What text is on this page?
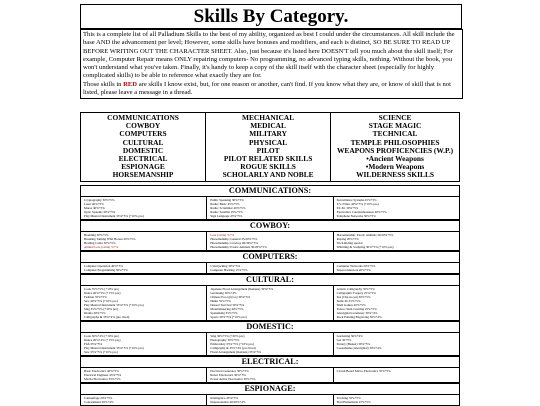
Skills By Category.

This is a complete list of all Palladium Skills to the best of my ability, organized as best I could under the circumstances. All skill include the base AND the advancement per level; However, some skills have bonuses and modifiers, and each is distinct, SO BE SURE TO READ UP BEFORE WRITING OUT THE CHARACTER SHEET. Also, just because it's listed here DOESN'T tell you much about the skill itself; For example, Computer Repair means ONLY repairing computers- No programming, no advanced typing skills, nothing. Without the book, you won't understand what you've taken. Finally, it's handy to keep a copy of the skill itself with the character sheet (especially for highly complicated skills) to be able to reference what exactly they are for.

Those skills in RED are skills I know exist, but, for one reason or another, can't find. If you know what they are, or know of skill that is not listed, please leave a message in a thread.

COMMUNICATIONS
COWBOY
COMPUTERS
CULTURAL
DOMESTIC
ELECTRICAL
ESPIONAGE
HORSEMANSHIP

MECHANICAL
MEDICAL
MILITARY
PHYSICAL
PILOT
PILOT RELATED SKILLS
ROGUE SKILLS
SCHOLARLY AND NOBLE

SCIENCE
STAGE MAGIC
TECHNICAL
TEMPLE PHILOSOPHIES
WEAPONS PROFICENCIES (W.P.)
• Ancient Weapons
• Modern Weapons
WILDERNESS SKILLS
COMMUNICATIONS:
Cryptography 30%+5%
Laser 40%+5%
Morse 30%+5%
Optic Systems 30%+5%
Play Musical Instrument 35%+5% (+10% pro)
Public Speaking 30%+5%
Radio: Basic 45%+5%
Radio: Scrambler 40%+5%
Radio: Satellite 25%+5%
Sign Language 25%+5%
Surveillance Systems 45%+5%
T.V./Video 40%+5% (+10% pro)
P.C.M. 30%+5%
Electronics Countermeasures 40%+5%
Telephone Networks 30%+5%
COWBOY:
Branding 30%+5%
Breaking Taming Wild Horses 20%+5%
Herding Cattle 30%+5%
Animal Lore (cattle) %+%
Lore (cattle) %+%
Horsemanship: General 35/20%+5%
Horsemanship: Cowboy 66/30%+5%
Horsemanship: Exotic Animals 30/20%+5%
Horsemanship: Exotic Animals 30/20%+5%
Roping 20%+5%
Trick Riding special
Whittling & Sculpting 30%+5% (+10% pro)
COMPUTERS:
Computer Operation 40%+5%
Computer Programming 30%+5%
Cyberjacking 30%+5%
Computer Hacking 15%+5%
Computer Networks 20%+5%
Superconductors 20%+5%
CULTURAL:
Cook 35%+5% (+10% pro)
Dance 40%+5% (+15% pro)
Fashion 35%+5%
Sew 40%+5% (+10% pro)
Play Musical Instrument 35%+5% (+10% pro)
Sing 35%+5% (+10% pro)
Drama 30%+5%
Calligraphy & 35%+4% (pro lived)
Japanese Flood Arrangement (Ikebana) 30%+5%
Gardening 36%+4%
Chinese Poo-Qi (Go) 30%+5%
Haiku 35%+5%
Dessert Survival 30%+5%
Mountaineering 40%+5%
Spelunking 35%+5%
Sports 30%+5% (+10% pro)
Artistic Calligraphy 35%+5%
Calligraphic Forgery 25%+5%
Tea (Cha-no-yu) 30%+5%
Sumi-Ye 25%+5%
Shell Games 20%+5%
Tattoo/ Skin Creating 25%+5%
Aboriginal Ceremony 30%+4%
Rock Painting/Engraving 30%+4%
DOMESTIC:
Cook 30%+4% (+10% pro)
Dance 40%+4% (+15% pro)
Fish 35%+5%
Play Musical Instrument 35%+5% (+10% pro)
Sew 35%+5% (+10% pro)
Sing 30%+5% (+20% pro)
Photography 30%+5%
Embroidery 35%+5% (+10% pro)
Calligraphy & 35%+4% (pro lived)
Floral Arrangement (Ikebana) 35%+5%
Gardening 36%+4%
Get 30+5%
Pottery (Basket) 30%+5%
Cookahama (Aboriginal) 30%+4%
ELECTRICAL:
Basic Electronics 40%+5%
Electrical Engineer 45%+5%
Mecha Electronics 35%+5%
Electrical Generator 30%+5%
Robot Electronics 30%+5%
Power Armor Electronics 30%+5%
Circuit Board Micro-Electronics 35%+5%
ESPIONAGE:
Camouflage 20%+5%
Concealment 20%+4%
Intelligence 45%+5%
Impersonation 40/20%+4%
Tracking 35%+5%
Find Homemade 25%+5%
